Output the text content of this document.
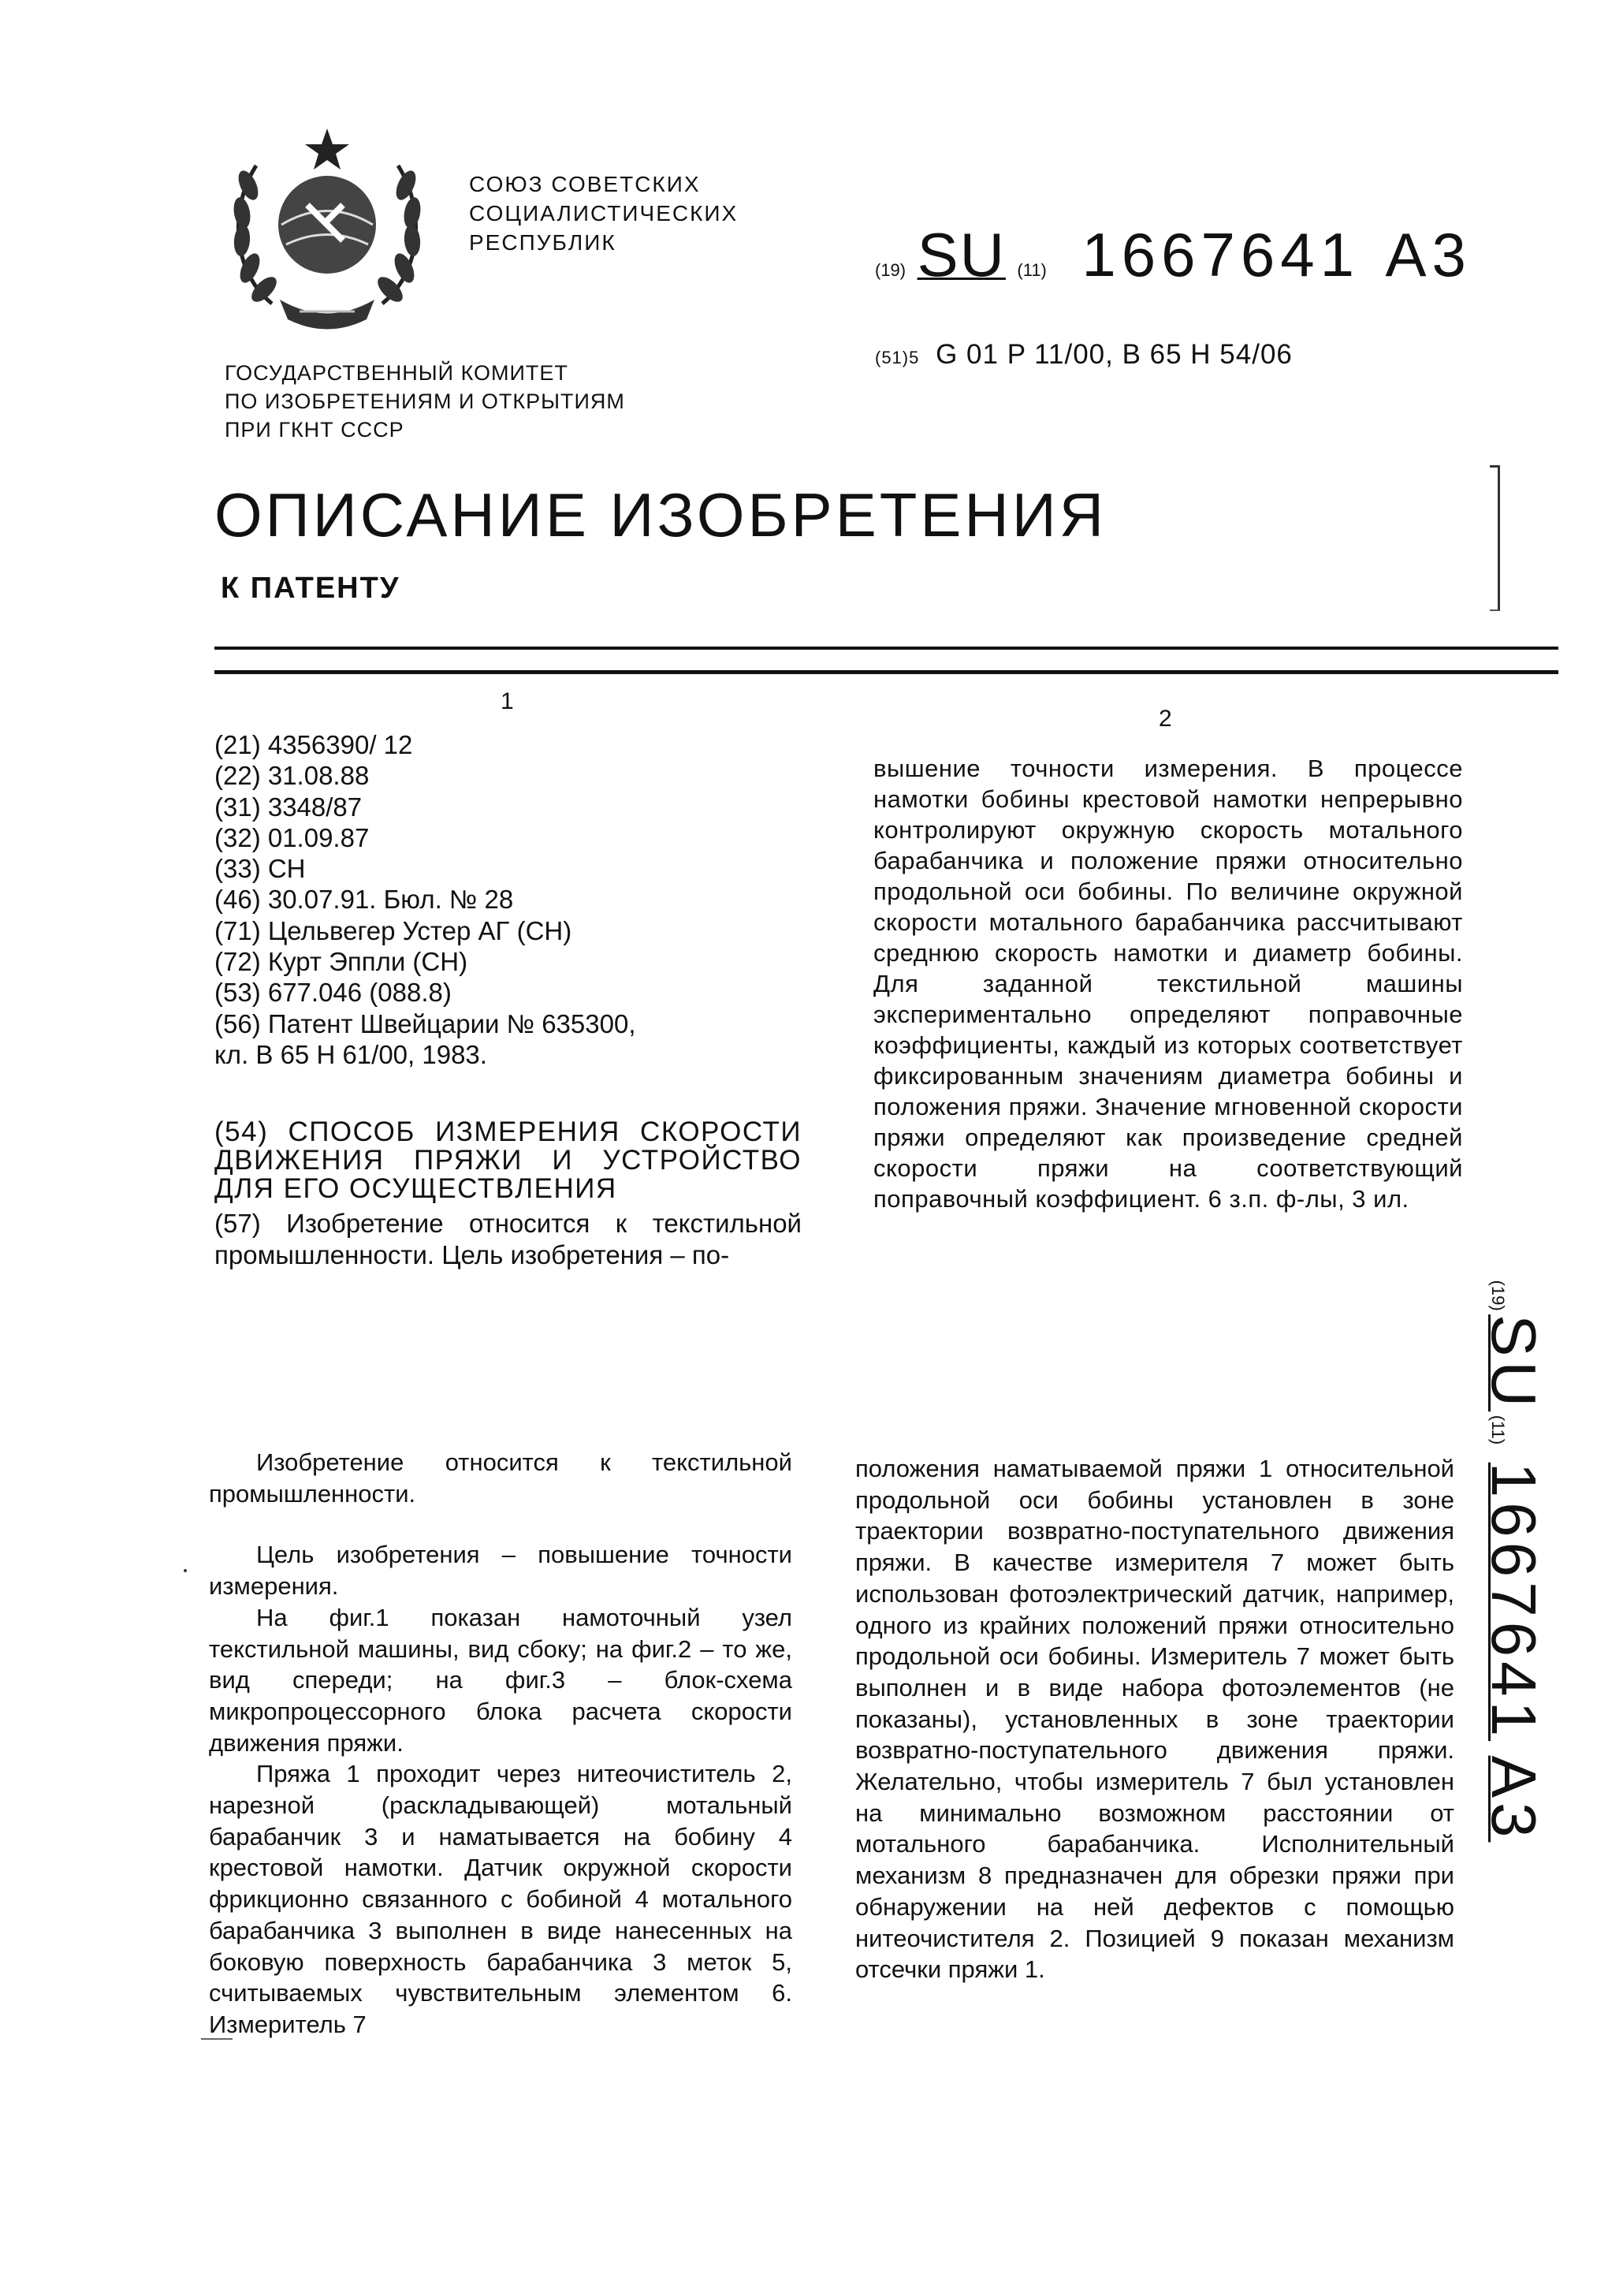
СОЮЗ СОВЕТСКИХ
СОЦИАЛИСТИЧЕСКИХ
РЕСПУБЛИК
(19) SU (11) 1667641 A3
(51)5 G 01 P 11/00, B 65 H 54/06
ГОСУДАРСТВЕННЫЙ КОМИТЕТ
ПО ИЗОБРЕТЕНИЯМ И ОТКРЫТИЯМ
ПРИ ГКНТ СССР
ОПИСАНИЕ ИЗОБРЕТЕНИЯ
К ПАТЕНТУ
1
2
(21) 4356390/ 12
(22) 31.08.88
(31) 3348/87
(32) 01.09.87
(33) CH
(46) 30.07.91. Бюл. № 28
(71) Цельвегер Устер АГ (CH)
(72) Курт Эппли (CH)
(53) 677.046 (088.8)
(56) Патент Швейцарии № 635300,
кл. B 65 H 61/00, 1983.
(54) СПОСОБ ИЗМЕРЕНИЯ СКОРОСТИ ДВИЖЕНИЯ ПРЯЖИ И УСТРОЙСТВО ДЛЯ ЕГО ОСУЩЕСТВЛЕНИЯ
(57) Изобретение относится к текстильной промышленности. Цель изобретения – по-
вышение точности измерения. В процессе намотки бобины крестовой намотки непрерывно контролируют окружную скорость мотального барабанчика и положение пряжи относительно продольной оси бобины. По величине окружной скорости мотального барабанчика рассчитывают среднюю скорость намотки и диаметр бобины. Для заданной текстильной машины экспериментально определяют поправочные коэффициенты, каждый из которых соответствует фиксированным значениям диаметра бобины и положения пряжи. Значение мгновенной скорости пряжи определяют как произведение средней скорости пряжи на соответствующий поправочный коэффициент. 6 з.п. ф-лы, 3 ил.
(19) SU (11) 1667641 A3

Изобретение относится к текстильной промышленности.

Цель изобретения – повышение точности измерения.

На фиг.1 показан намоточный узел текстильной машины, вид сбоку; на фиг.2 – то же, вид спереди; на фиг.3 – блок-схема микропроцессорного блока расчета скорости движения пряжи.

Пряжа 1 проходит через нитеочиститель 2, нарезной (раскладывающей) мотальный барабанчик 3 и наматывается на бобину 4 крестовой намотки. Датчик окружной скорости фрикционно связанного с бобиной 4 мотального барабанчика 3 выполнен в виде нанесенных на боковую поверхность барабанчика 3 меток 5, считываемых чувствительным элементом 6. Измеритель 7

положения наматываемой пряжи 1 относительной продольной оси бобины установлен в зоне траектории возвратно-поступательного движения пряжи. В качестве измерителя 7 может быть использован фотоэлектрический датчик, например, одного из крайних положений пряжи относительно продольной оси бобины. Измеритель 7 может быть выполнен и в виде набора фотоэлементов (не показаны), установленных в зоне траектории возвратно-поступательного движения пряжи. Желательно, чтобы измеритель 7 был установлен на минимально возможном расстоянии от мотального барабанчика. Исполнительный механизм 8 предназначен для обрезки пряжи при обнаружении на ней дефектов с помощью нитеочистителя 2. Позицией 9 показан механизм отсечки пряжи 1.
